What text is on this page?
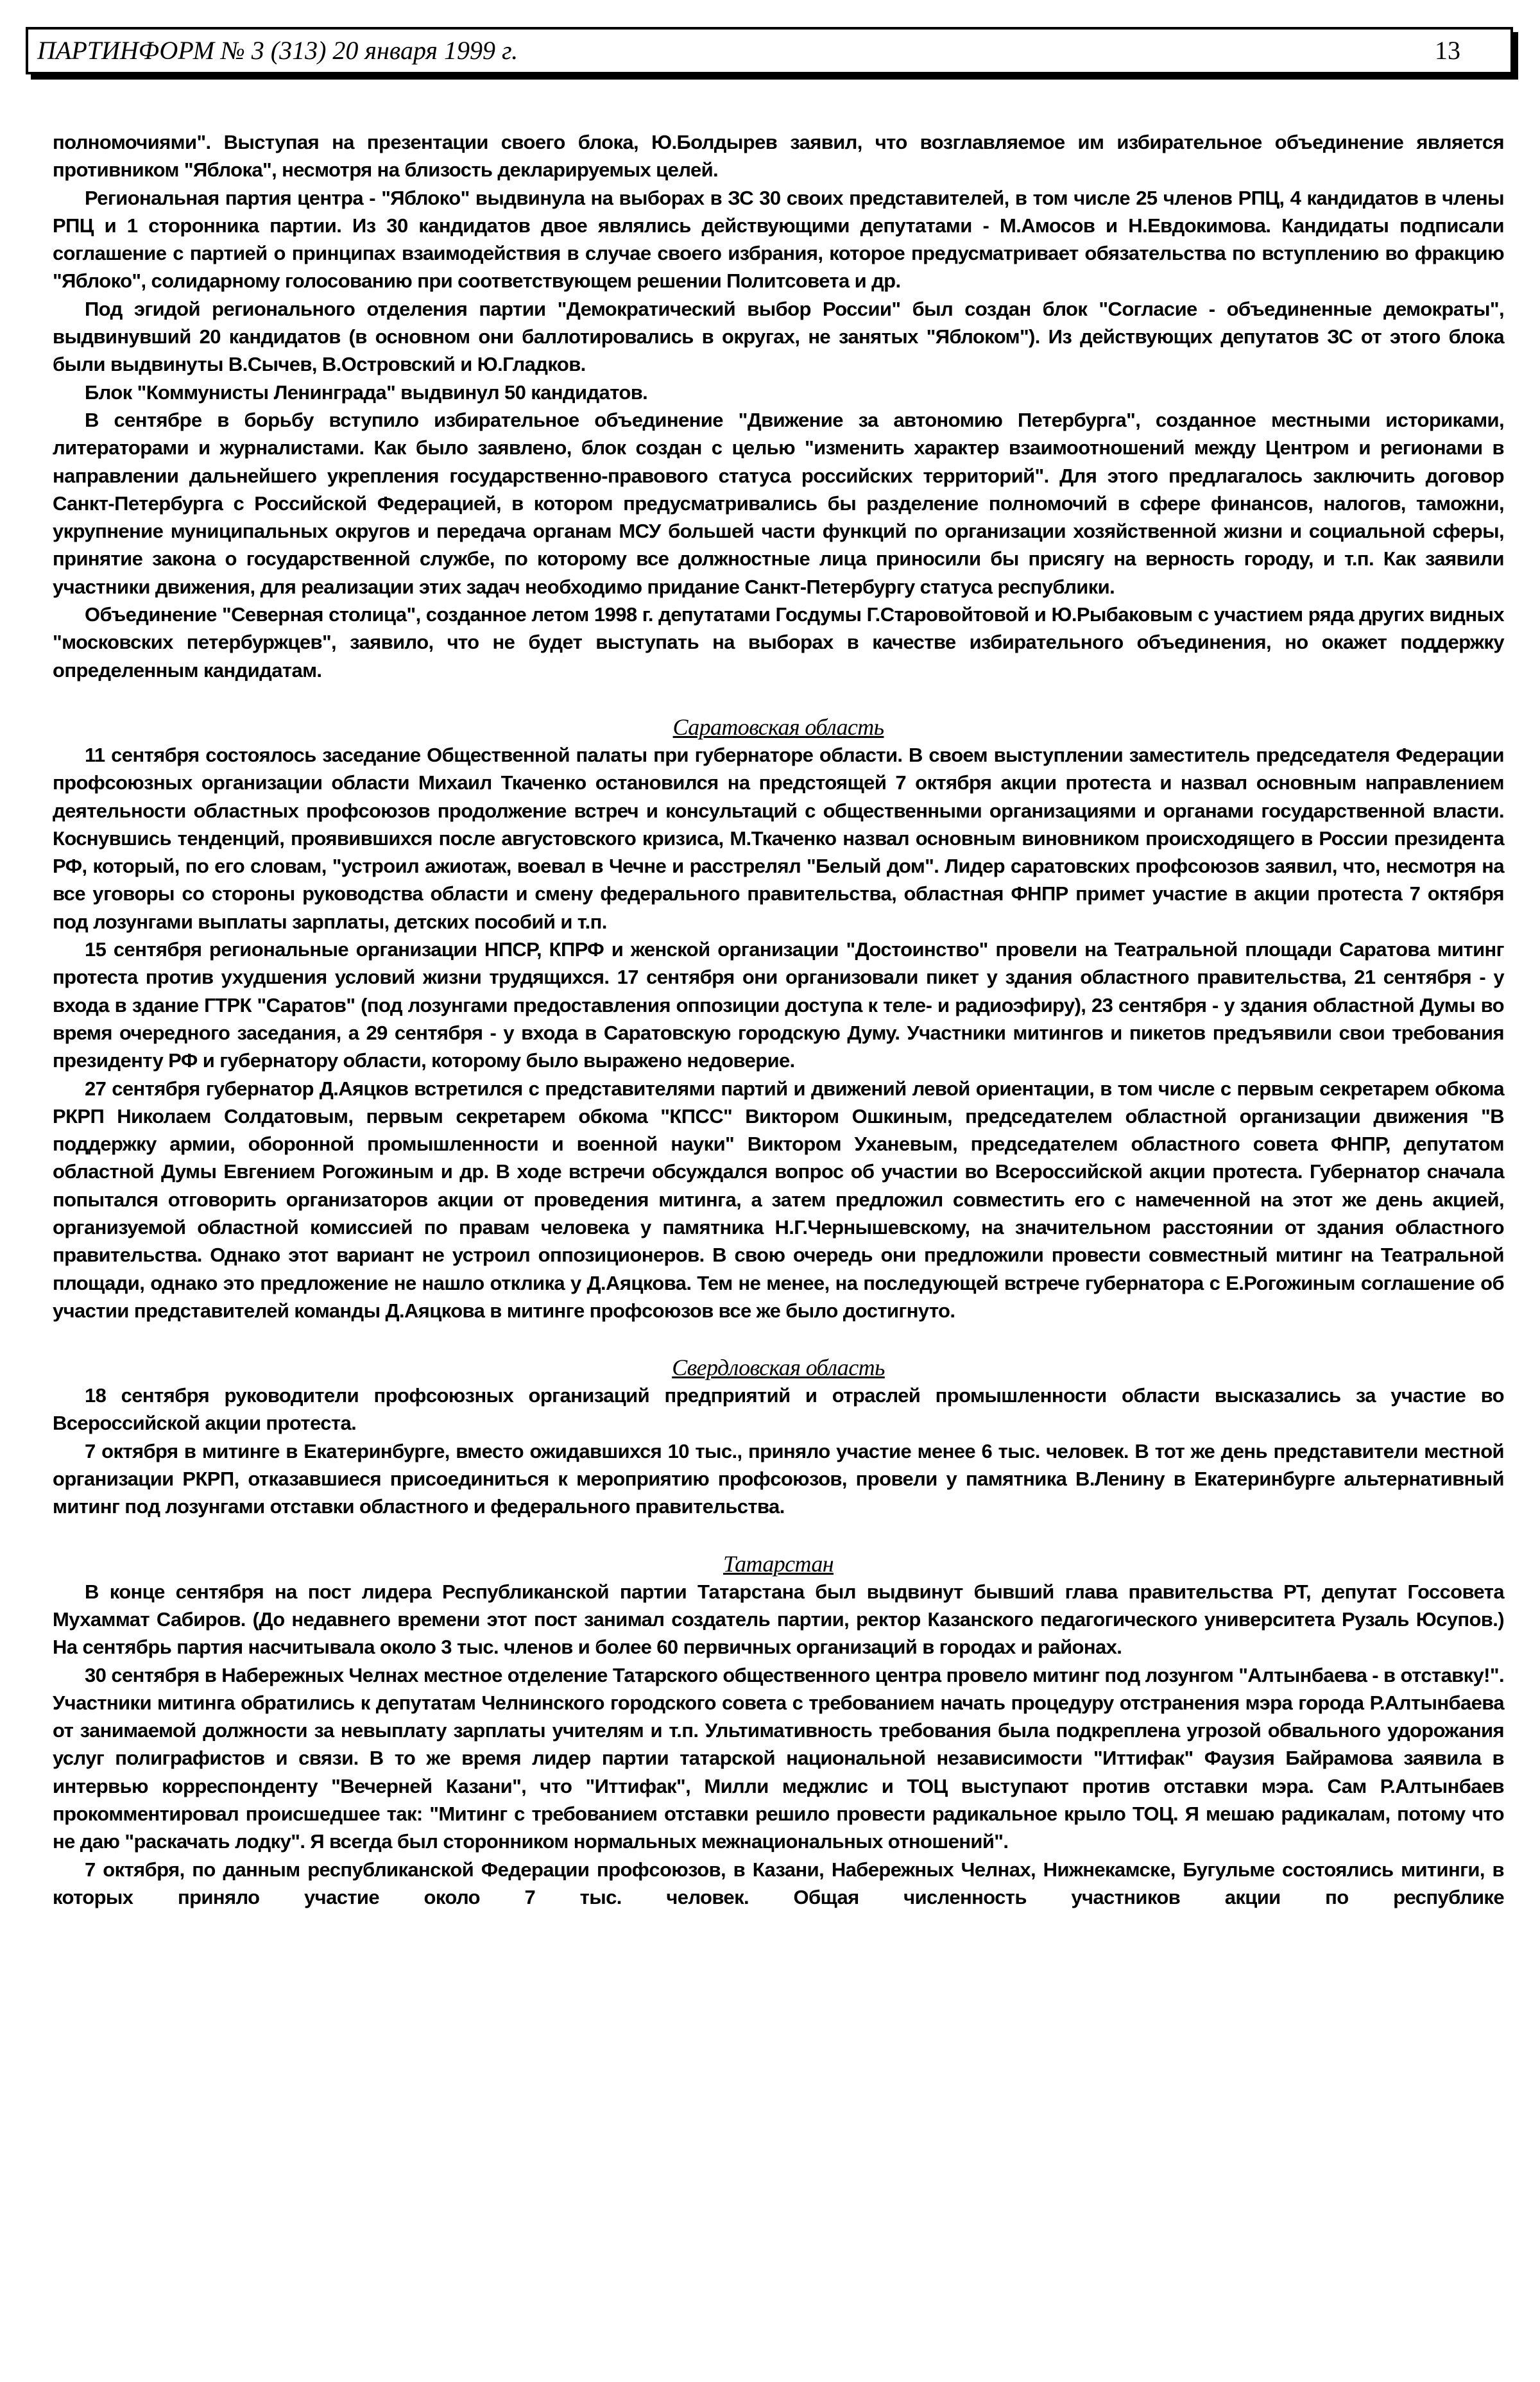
ПАРТИНФОРМ № 3 (313) 20 января 1999 г.	13

полномочиями". Выступая на презентации своего блока, Ю.Болдырев заявил, что возглавляемое им избирательное объединение является противником "Яблока", несмотря на близость декларируемых целей.

Региональная партия центра - "Яблоко" выдвинула на выборах в ЗС 30 своих представителей, в том числе 25 членов РПЦ, 4 кандидатов в члены РПЦ и 1 сторонника партии. Из 30 кандидатов двое являлись действующими депутатами - М.Амосов и Н.Евдокимова. Кандидаты подписали соглашение с партией о принципах взаимодействия в случае своего избрания, которое предусматривает обязательства по вступлению во фракцию "Яблоко", солидарному голосованию при соответствующем решении Политсовета и др.

Под эгидой регионального отделения партии "Демократический выбор России" был создан блок "Согласие - объединенные демократы", выдвинувший 20 кандидатов (в основном они баллотировались в округах, не занятых "Яблоком"). Из действующих депутатов ЗС от этого блока были выдвинуты В.Сычев, В.Островский и Ю.Гладков.

Блок "Коммунисты Ленинграда" выдвинул 50 кандидатов.

В сентябре в борьбу вступило избирательное объединение "Движение за автономию Петербурга", созданное местными историками, литераторами и журналистами. Как было заявлено, блок создан с целью "изменить характер взаимоотношений между Центром и регионами в направлении дальнейшего укрепления государственно-правового статуса российских территорий". Для этого предлагалось заключить договор Санкт-Петербурга с Российской Федерацией, в котором предусматривались бы разделение полномочий в сфере финансов, налогов, таможни, укрупнение муниципальных округов и передача органам МСУ большей части функций по организации хозяйственной жизни и социальной сферы, принятие закона о государственной службе, по которому все должностные лица приносили бы присягу на верность городу, и т.п. Как заявили участники движения, для реализации этих задач необходимо придание Санкт-Петербургу статуса республики.

Объединение "Северная столица", созданное летом 1998 г. депутатами Госдумы Г.Старовойтовой и Ю.Рыбаковым с участием ряда других видных "московских петербуржцев", заявило, что не будет выступать на выборах в качестве избирательного объединения, но окажет поддержку определенным кандидатам.

Саратовская область

11 сентября состоялось заседание Общественной палаты при губернаторе области. В своем выступлении заместитель председателя Федерации профсоюзных организации области Михаил Ткаченко остановился на предстоящей 7 октября акции протеста и назвал основным направлением деятельности областных профсоюзов продолжение встреч и консультаций с общественными организациями и органами государственной власти. Коснувшись тенденций, проявившихся после августовского кризиса, М.Ткаченко назвал основным виновником происходящего в России президента РФ, который, по его словам, "устроил ажиотаж, воевал в Чечне и расстрелял "Белый дом". Лидер саратовских профсоюзов заявил, что, несмотря на все уговоры со стороны руководства области и смену федерального правительства, областная ФНПР примет участие в акции протеста 7 октября под лозунгами выплаты зарплаты, детских пособий и т.п.

15 сентября региональные организации НПСР, КПРФ и женской организации "Достоинство" провели на Театральной площади Саратова митинг протеста против ухудшения условий жизни трудящихся. 17 сентября они организовали пикет у здания областного правительства, 21 сентября - у входа в здание ГТРК "Саратов" (под лозунгами предоставления оппозиции доступа к теле- и радиоэфиру), 23 сентября - у здания областной Думы во время очередного заседания, а 29 сентября - у входа в Саратовскую городскую Думу. Участники митингов и пикетов предъявили свои требования президенту РФ и губернатору области, которому было выражено недоверие.

27 сентября губернатор Д.Аяцков встретился с представителями партий и движений левой ориентации, в том числе с первым секретарем обкома РКРП Николаем Солдатовым, первым секретарем обкома "КПСС" Виктором Ошкиным, председателем областной организации движения "В поддержку армии, оборонной промышленности и военной науки" Виктором Уханевым, председателем областного совета ФНПР, депутатом областной Думы Евгением Рогожиным и др. В ходе встречи обсуждался вопрос об участии во Всероссийской акции протеста. Губернатор сначала попытался отговорить организаторов акции от проведения митинга, а затем предложил совместить его с намеченной на этот же день акцией, организуемой областной комиссией по правам человека у памятника Н.Г.Чернышевскому, на значительном расстоянии от здания областного правительства. Однако этот вариант не устроил оппозиционеров. В свою очередь они предложили провести совместный митинг на Театральной площади, однако это предложение не нашло отклика у Д.Аяцкова. Тем не менее, на последующей встрече губернатора с Е.Рогожиным соглашение об участии представителей команды Д.Аяцкова в митинге профсоюзов все же было достигнуто.

Свердловская область

18 сентября руководители профсоюзных организаций предприятий и отраслей промышленности области высказались за участие во Всероссийской акции протеста.

7 октября в митинге в Екатеринбурге, вместо ожидавшихся 10 тыс., приняло участие менее 6 тыс. человек. В тот же день представители местной организации РКРП, отказавшиеся присоединиться к мероприятию профсоюзов, провели у памятника В.Ленину в Екатеринбурге альтернативный митинг под лозунгами отставки областного и федерального правительства.

Татарстан

В конце сентября на пост лидера Республиканской партии Татарстана был выдвинут бывший глава правительства РТ, депутат Госсовета Мухаммат Сабиров. (До недавнего времени этот пост занимал создатель партии, ректор Казанского педагогического университета Рузаль Юсупов.) На сентябрь партия насчитывала около 3 тыс. членов и более 60 первичных организаций в городах и районах.

30 сентября в Набережных Челнах местное отделение Татарского общественного центра провело митинг под лозунгом "Алтынбаева - в отставку!". Участники митинга обратились к депутатам Челнинского городского совета с требованием начать процедуру отстранения мэра города Р.Алтынбаева от занимаемой должности за невыплату зарплаты учителям и т.п. Ультимативность требования была подкреплена угрозой обвального удорожания услуг полиграфистов и связи. В то же время лидер партии татарской национальной независимости "Иттифак" Фаузия Байрамова заявила в интервью корреспонденту "Вечерней Казани", что "Иттифак", Милли меджлис и ТОЦ выступают против отставки мэра. Сам Р.Алтынбаев прокомментировал происшедшее так: "Митинг с требованием отставки решило провести радикальное крыло ТОЦ. Я мешаю радикалам, потому что не даю "раскачать лодку". Я всегда был сторонником нормальных межнациональных отношений".

7 октября, по данным республиканской Федерации профсоюзов, в Казани, Набережных Челнах, Нижнекамске, Бугульме состоялись митинги, в которых приняло участие около 7 тыс. человек. Общая численность участников акции по республике
